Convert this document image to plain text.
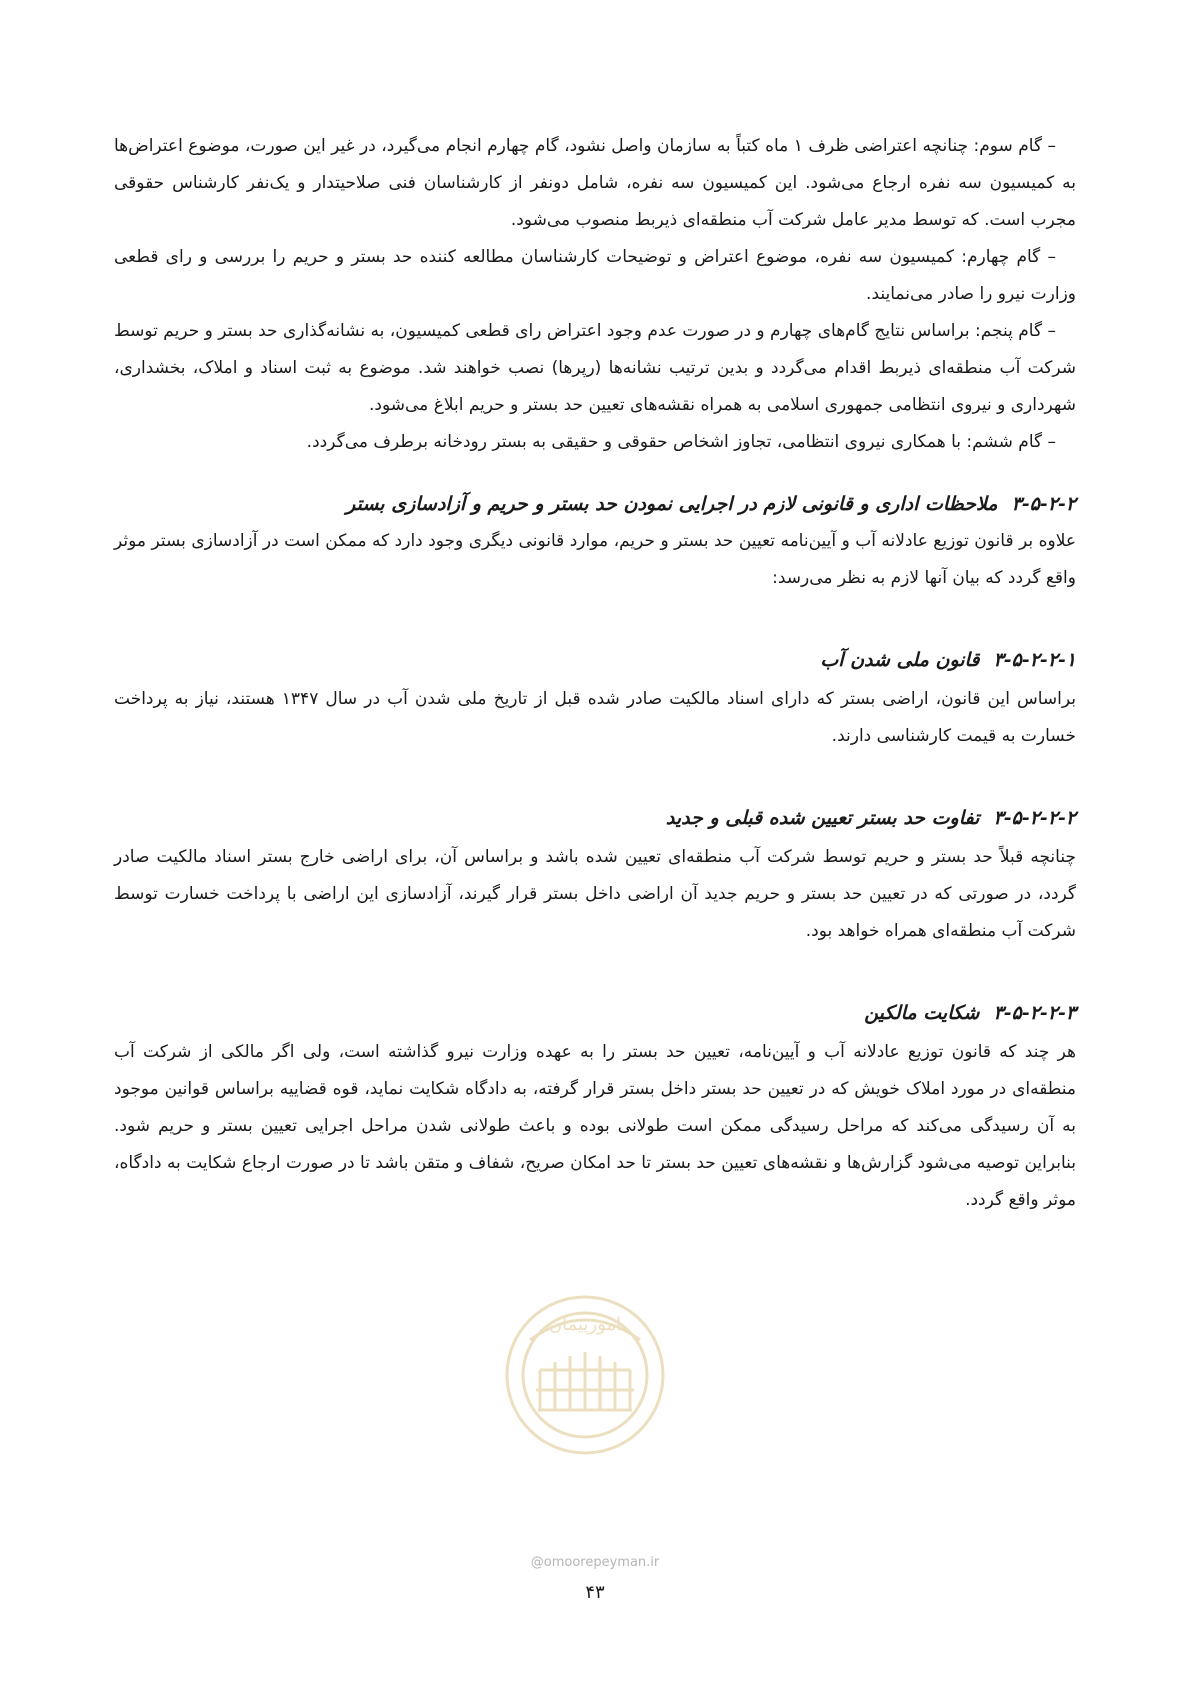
– گام سوم: چنانچه اعتراضی ظرف ۱ ماه کتباً به سازمان واصل نشود، گام چهارم انجام می‌گیرد، در غیر این صورت، موضوع اعتراض‌ها به کمیسیون سه نفره ارجاع می‌شود. این کمیسیون سه نفره، شامل دونفر از کارشناسان فنی صلاحیتدار و یک‌نفر کارشناس حقوقی مجرب است. که توسط مدیر عامل شرکت آب منطقه‌ای ذیربط منصوب می‌شود.

– گام چهارم: کمیسیون سه نفره، موضوع اعتراض و توضیحات کارشناسان مطالعه کننده حد بستر و حریم را بررسی و رای قطعی وزارت نیرو را صادر می‌نمایند.

– گام پنجم: براساس نتایج گام‌های چهارم و در صورت عدم وجود اعتراض رای قطعی کمیسیون، به نشانه‌گذاری حد بستر و حریم توسط شرکت آب منطقه‌ای ذیربط اقدام می‌گردد و بدین ترتیب نشانه‌ها (رپرها) نصب خواهند شد. موضوع به ثبت اسناد و املاک، بخشداری، شهرداری و نیروی انتظامی جمهوری اسلامی به همراه نقشه‌های تعیین حد بستر و حریم ابلاغ می‌شود.

– گام ششم: با همکاری نیروی انتظامی، تجاوز اشخاص حقوقی و حقیقی به بستر رودخانه برطرف می‌گردد.

۳-۵-۲-۲ملاحظات اداری و قانونی لازم در اجرایی نمودن حد بستر و حریم و آزادسازی بستر

علاوه بر قانون توزیع عادلانه آب و آیین‌نامه تعیین حد بستر و حریم، موارد قانونی دیگری وجود دارد که ممکن است در آزادسازی بستر موثر واقع گردد که بیان آنها لازم به نظر می‌رسد:

۳-۵-۲-۲-۱قانون ملی شدن آب

براساس این قانون، اراضی بستر که دارای اسناد مالکیت صادر شده قبل از تاریخ ملی شدن آب در سال ۱۳۴۷ هستند، نیاز به پرداخت خسارت به قیمت کارشناسی دارند.

۳-۵-۲-۲-۲تفاوت حد بستر تعیین شده قبلی و جدید

چنانچه قبلاً حد بستر و حریم توسط شرکت آب منطقه‌ای تعیین شده باشد و براساس آن، برای اراضی خارج بستر اسناد مالکیت صادر گردد، در صورتی که در تعیین حد بستر و حریم جدید آن اراضی داخل بستر قرار گیرند، آزادسازی این اراضی با پرداخت خسارت توسط شرکت آب منطقه‌ای همراه خواهد بود.

۳-۵-۲-۲-۳شکایت مالکین

هر چند که قانون توزیع عادلانه آب و آیین‌نامه، تعیین حد بستر را به عهده وزارت نیرو گذاشته است، ولی اگر مالکی از شرکت آب منطقه‌ای در مورد املاک خویش که در تعیین حد بستر داخل بستر قرار گرفته، به دادگاه شکایت نماید، قوه قضاییه براساس قوانین موجود به آن رسیدگی می‌کند که مراحل رسیدگی ممکن است طولانی بوده و باعث طولانی شدن مراحل اجرایی تعیین بستر و حریم شود. بنابراین توصیه می‌شود گزارش‌ها و نقشه‌های تعیین حد بستر تا حد امکان صریح، شفاف و متقن باشد تا در صورت ارجاع شکایت به دادگاه، موثر واقع گردد.

امورپیمان
@omoorepeyman.ir
۴۳
